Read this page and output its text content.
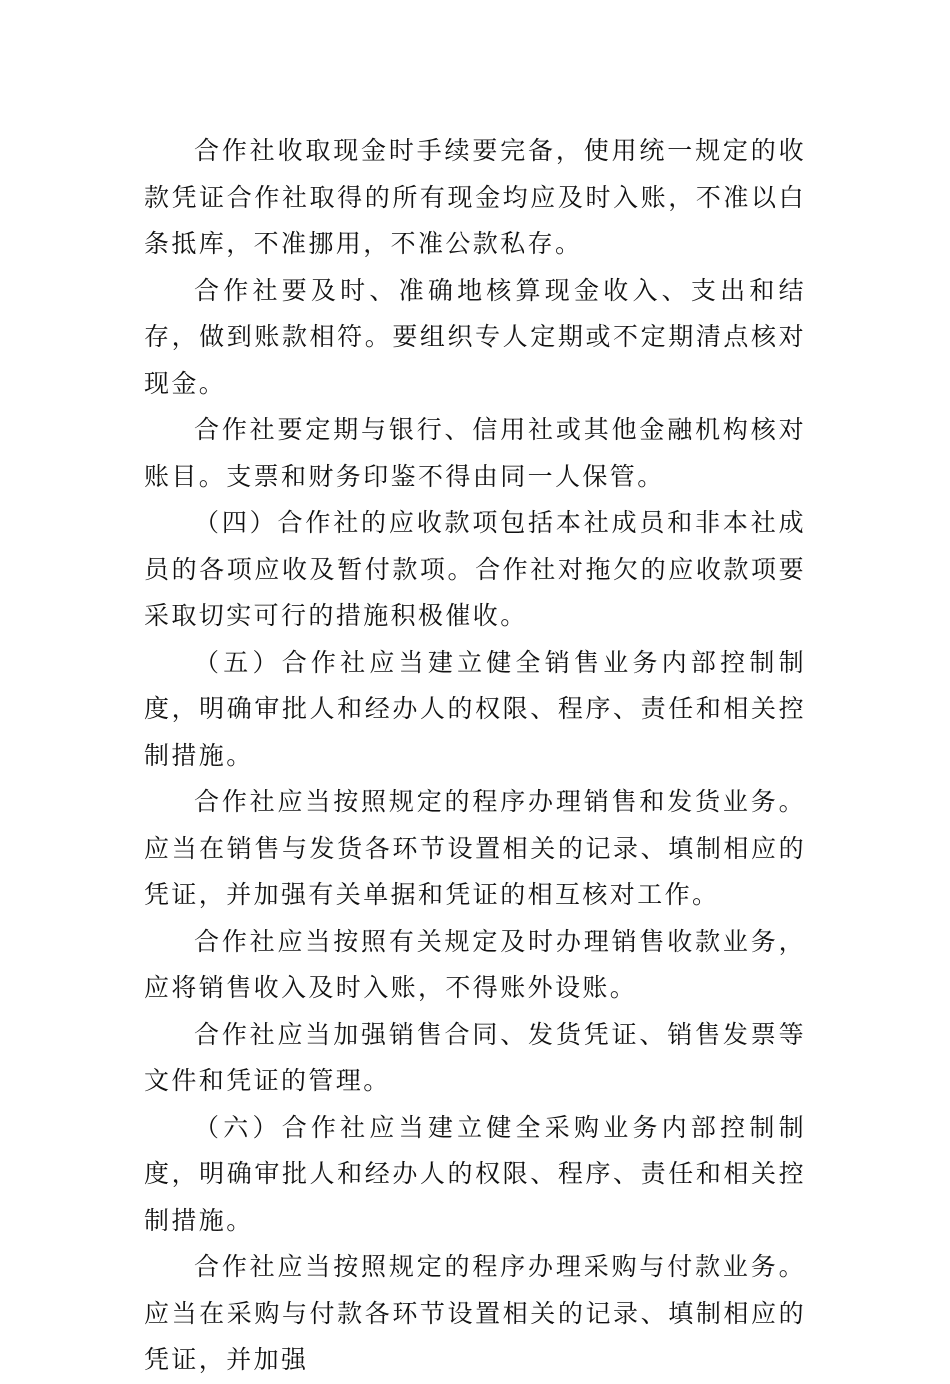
合作社收取现金时手续要完备，使用统一规定的收款凭证合作社取得的所有现金均应及时入账，不准以白条抵库，不准挪用，不准公款私存。

合作社要及时、准确地核算现金收入、支出和结存，做到账款相符。要组织专人定期或不定期清点核对现金。

合作社要定期与银行、信用社或其他金融机构核对账目。支票和财务印鉴不得由同一人保管。

（四）合作社的应收款项包括本社成员和非本社成员的各项应收及暂付款项。合作社对拖欠的应收款项要采取切实可行的措施积极催收。

（五）合作社应当建立健全销售业务内部控制制度，明确审批人和经办人的权限、程序、责任和相关控制措施。

合作社应当按照规定的程序办理销售和发货业务。应当在销售与发货各环节设置相关的记录、填制相应的凭证，并加强有关单据和凭证的相互核对工作。

合作社应当按照有关规定及时办理销售收款业务，应将销售收入及时入账，不得账外设账。

合作社应当加强销售合同、发货凭证、销售发票等文件和凭证的管理。

（六）合作社应当建立健全采购业务内部控制制度，明确审批人和经办人的权限、程序、责任和相关控制措施。

合作社应当按照规定的程序办理采购与付款业务。应当在采购与付款各环节设置相关的记录、填制相应的凭证，并加强
